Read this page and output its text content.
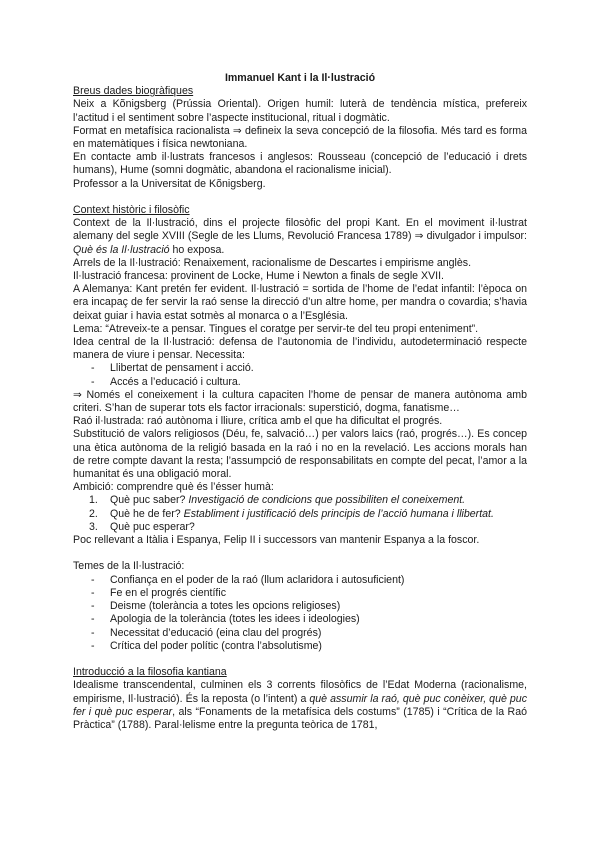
Immanuel Kant i la Il·lustració

Breus dades biogràfiques

Neix a Kõnigsberg (Prússia Oriental). Origen humil: luterà de tendència mística, prefereix l’actitud i el sentiment sobre l’aspecte institucional, ritual i dogmàtic.

Format en metafísica racionalista ⇒ defineix la seva concepció de la filosofia. Més tard es forma en matemàtiques i física newtoniana.

En contacte amb il·lustrats francesos i anglesos: Rousseau (concepció de l’educació i drets humans), Hume (somni dogmàtic, abandona el racionalisme inicial).

Professor a la Universitat de Kõnigsberg.

Context històric i filosòfic

Context de la Il·lustració, dins el projecte filosòfic del propi Kant. En el moviment il·lustrat alemany del segle XVIII (Segle de les Llums, Revolució Francesa 1789) ⇒ divulgador i impulsor: Què és la Il·lustració ho exposa.

Arrels de la Il·lustració: Renaixement, racionalisme de Descartes i empirisme anglès.

Il·lustració francesa: provinent de Locke, Hume i Newton a finals de segle XVII.

A Alemanya: Kant pretén fer evident. Il·lustració = sortida de l’home de l’edat infantil: l’època on era incapaç de fer servir la raó sense la direcció d’un altre home, per mandra o covardia; s’havia deixat guiar i havia estat sotmès al monarca o a l’Església.

Lema: “Atreveix-te a pensar. Tingues el coratge per servir-te del teu propi enteniment”.

Idea central de la Il·lustració: defensa de l’autonomia de l’individu, autodeterminació respecte manera de viure i pensar. Necessita:

- Llibertat de pensament i acció.
- Accés a l’educació i cultura.

⇒ Només el coneixement i la cultura capaciten l’home de pensar de manera autònoma amb criteri. S’han de superar tots els factor irracionals: superstició, dogma, fanatisme…

Raó il·lustrada: raó autònoma i lliure, crítica amb el que ha dificultat el progrés.

Substitució de valors religiosos (Déu, fe, salvació…) per valors laics (raó, progrés…). Es concep una ètica autònoma de la religió basada en la raó i no en la revelació. Les accions morals han de retre compte davant la resta; l’assumpció de responsabilitats en compte del pecat, l’amor a la humanitat és una obligació moral.

Ambició: comprendre què és l’ésser humà:

1. Què puc saber? Investigació de condicions que possibiliten el coneixement.
2. Què he de fer? Establiment i justificació dels principis de l’acció humana i llibertat.
3. Què puc esperar?

Poc rellevant a Itàlia i Espanya, Felip II i successors van mantenir Espanya a la foscor.

Temes de la Il·lustració:

- Confiança en el poder de la raó (llum aclaridora i autosuficient)
- Fe en el progrés científic
- Deisme (tolerància a totes les opcions religioses)
- Apologia de la tolerància (totes les idees i ideologies)
- Necessitat d’educació (eina clau del progrés)
- Crítica del poder polític (contra l’absolutisme)

Introducció a la filosofia kantiana

Idealisme transcendental, culminen els 3 corrents filosòfics de l’Edat Moderna (racionalisme, empirisme, Il·lustració). És la reposta (o l’intent) a què assumir la raó, què puc conèixer, què puc fer i què puc esperar, als “Fonaments de la metafísica dels costums” (1785) i “Crítica de la Raó Pràctica” (1788). Paral·lelisme entre la pregunta teòrica de 1781,
